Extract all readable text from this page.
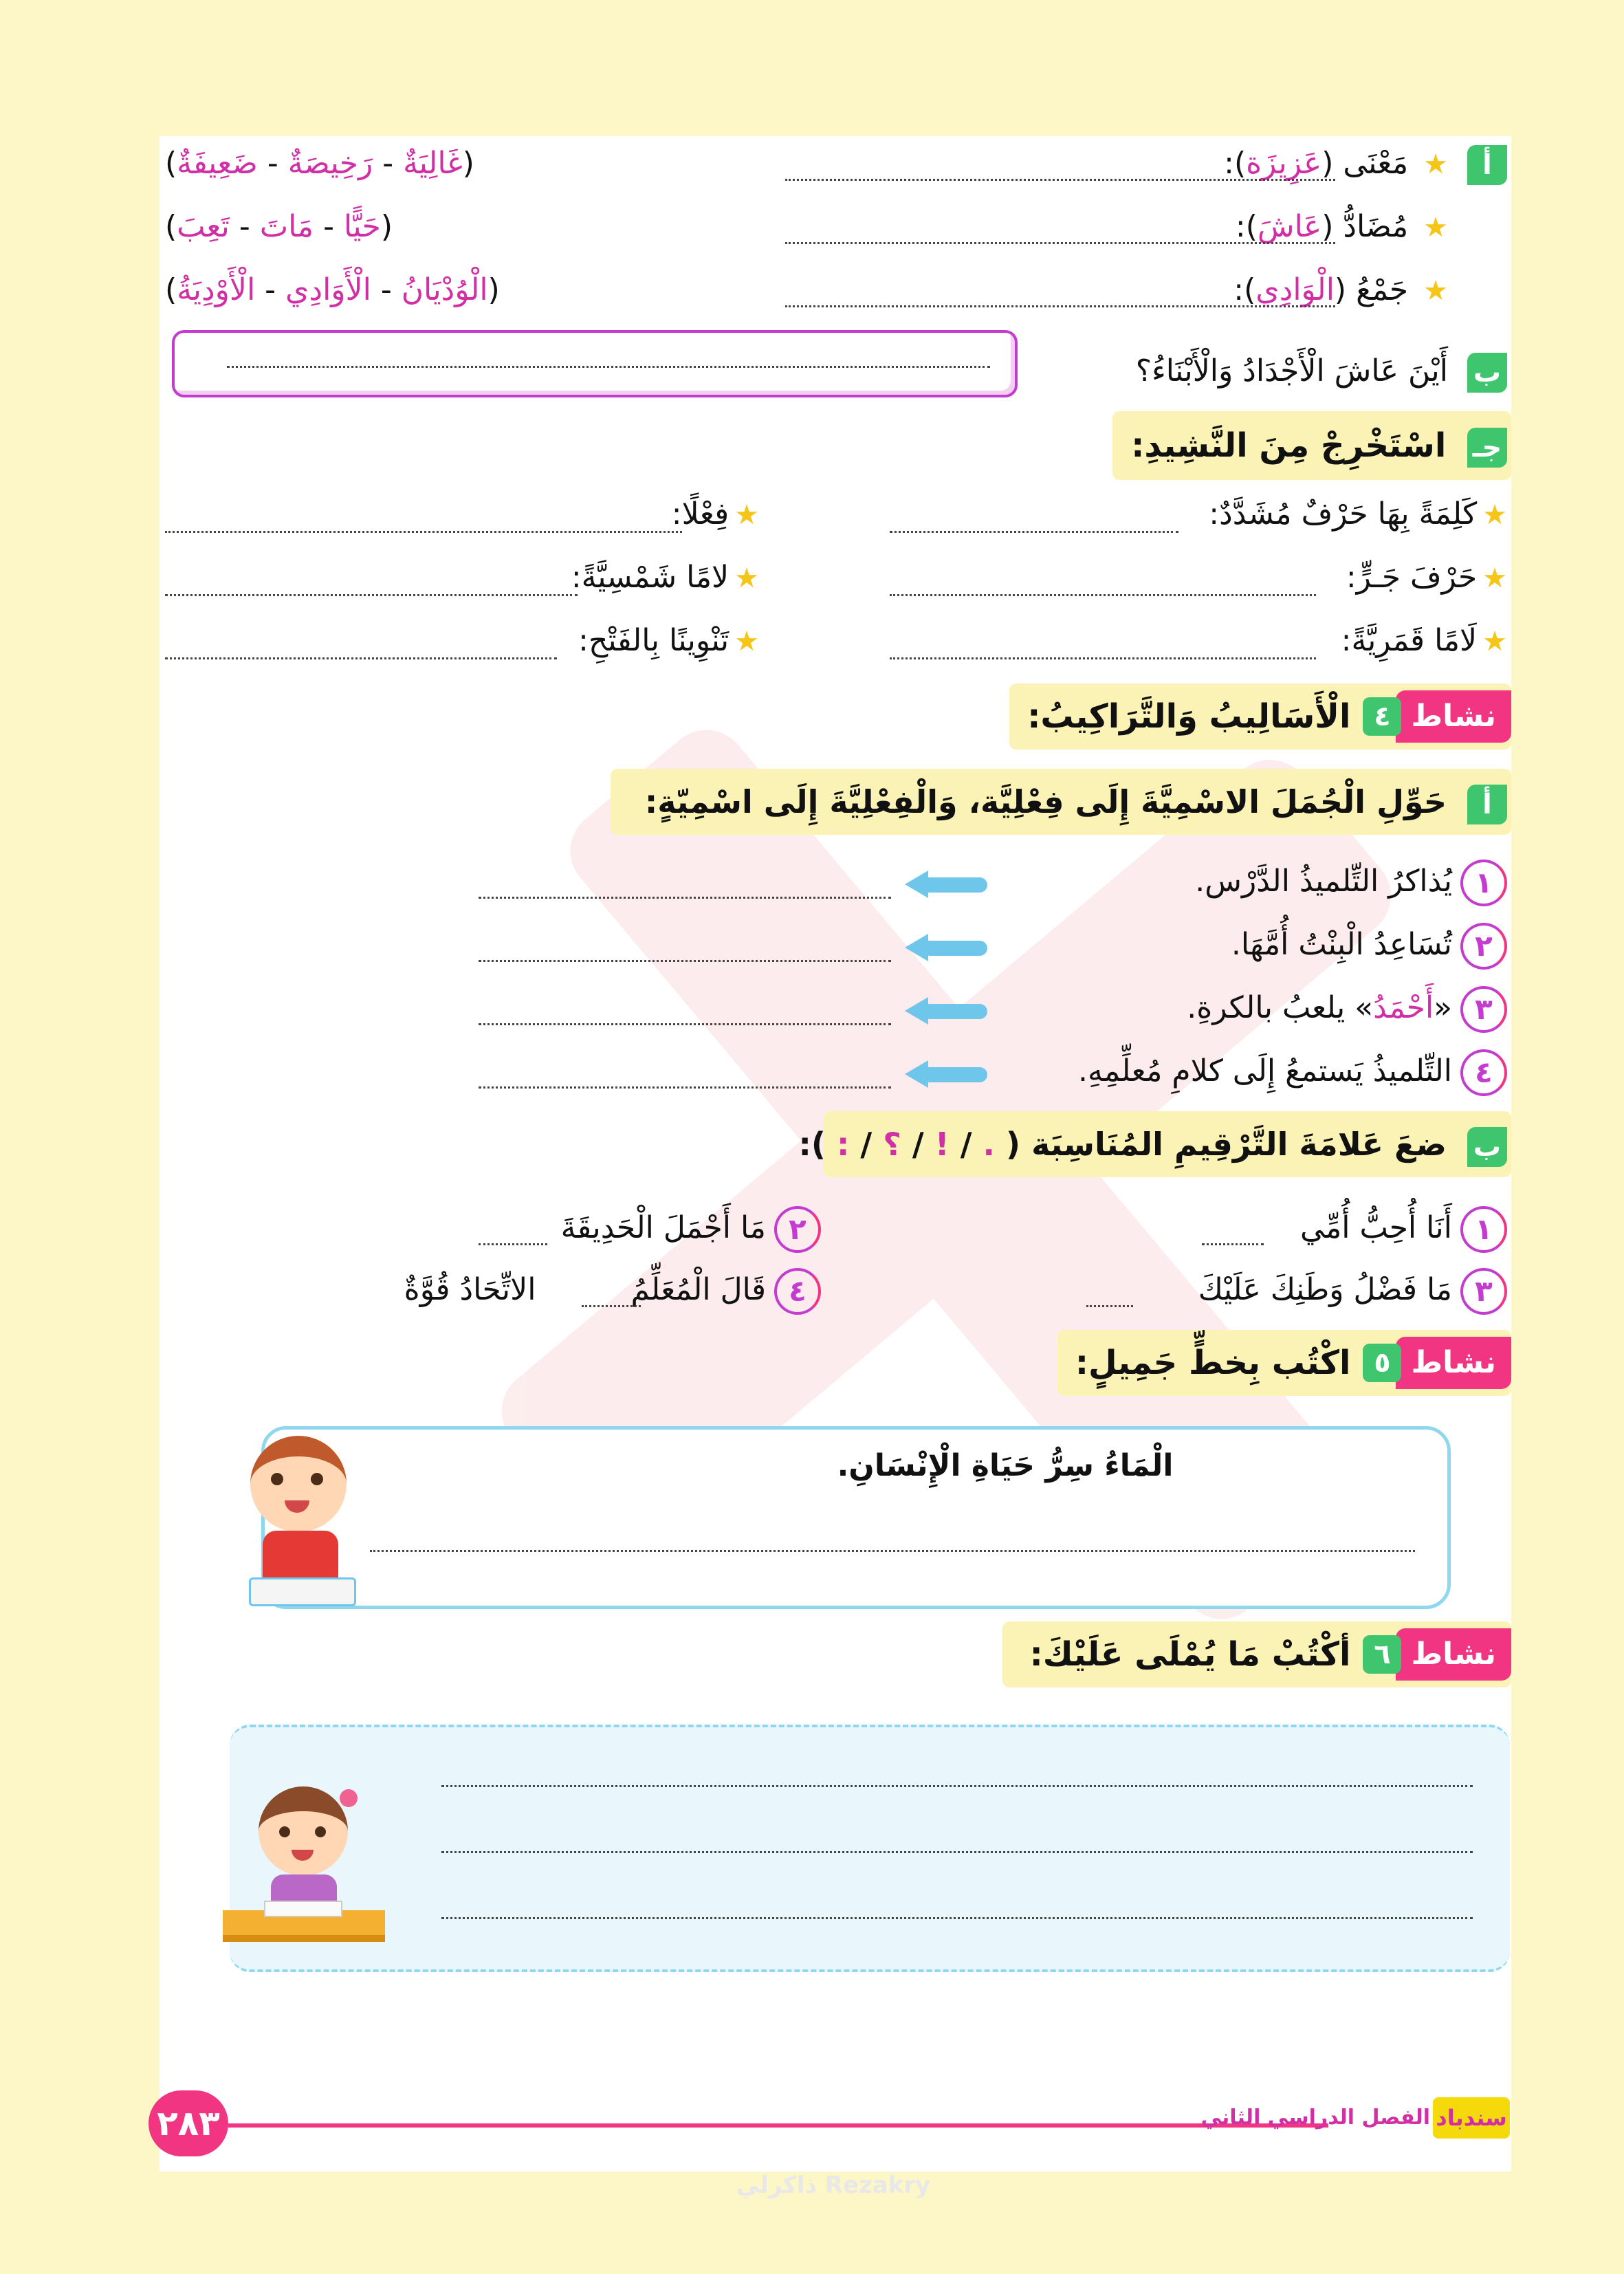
أ ★ مَعْنَى (عَزِيزَة):
(غَالِيَةٌ - رَخِيصَةٌ - ضَعِيفَةٌ)
★ مُضَادُّ (عَاشَ):
(حَيًّا - مَاتَ - تَعِبَ)
★ جَمْعُ (الْوَادِي):
(الْوُدْيَانُ - الْأَوَادِي - الْأَوْدِيَةُ)
ب أَيْنَ عَاشَ الْأَجْدَادُ وَالْأَبْنَاءُ؟
جـ اسْتَخْرِجْ مِنَ النَّشِيدِ:
★كَلِمَةً بِهَا حَرْفٌ مُشَدَّدٌ:
★حَرْفَ جَـرٍّ:
★لَامًا قَمَرِيَّةً:
★فِعْلًا:
★لامًا شَمْسِيَّةً:
★تَنْوِينًا بِالفَتْحِ:
نشاط٤الْأَسَالِيبُ وَالتَّرَاكِيبُ:
أ حَوِّلِ الْجُمَلَ الاسْمِيَّةَ إِلَى فِعْلِيَّة، وَالْفِعْلِيَّةَ إِلَى اسْمِيّةٍ:
١يُذاكرُ التِّلميذُ الدَّرْس.
٢تُسَاعِدُ الْبِنْتُ أُمَّهَا.
٣«أَحْمَدُ» يلعبُ بالكرةِ.
٤التِّلميذُ يَستمعُ إِلَى كلامِ مُعلِّمِهِ.
ب ضعَ عَلامَةَ التَّرْقِيمِ المُنَاسِبَة ( . / ! / ؟ / : ):
١أَنَا أُحِبُّ أُمِّي
٢مَا أَجْمَلَ الْحَدِيقَةَ
٣مَا فَضْلُ وَطَنِكَ عَلَيْكَ
٤قَالَ الْمُعَلِّمُ  الاتِّحَادُ قُوَّةٌ
نشاط٥اكْتُب بِخطٍّ جَمِيلٍ:
الْمَاءُ سِرُّ حَيَاةِ الْإِنْسَانِ.
نشاط٦أكْتُبْ مَا يُمْلَى عَلَيْكَ:
٢٨٣	الفصل الدراسي الثاني سندباد
ذاكرلي Rezakry
